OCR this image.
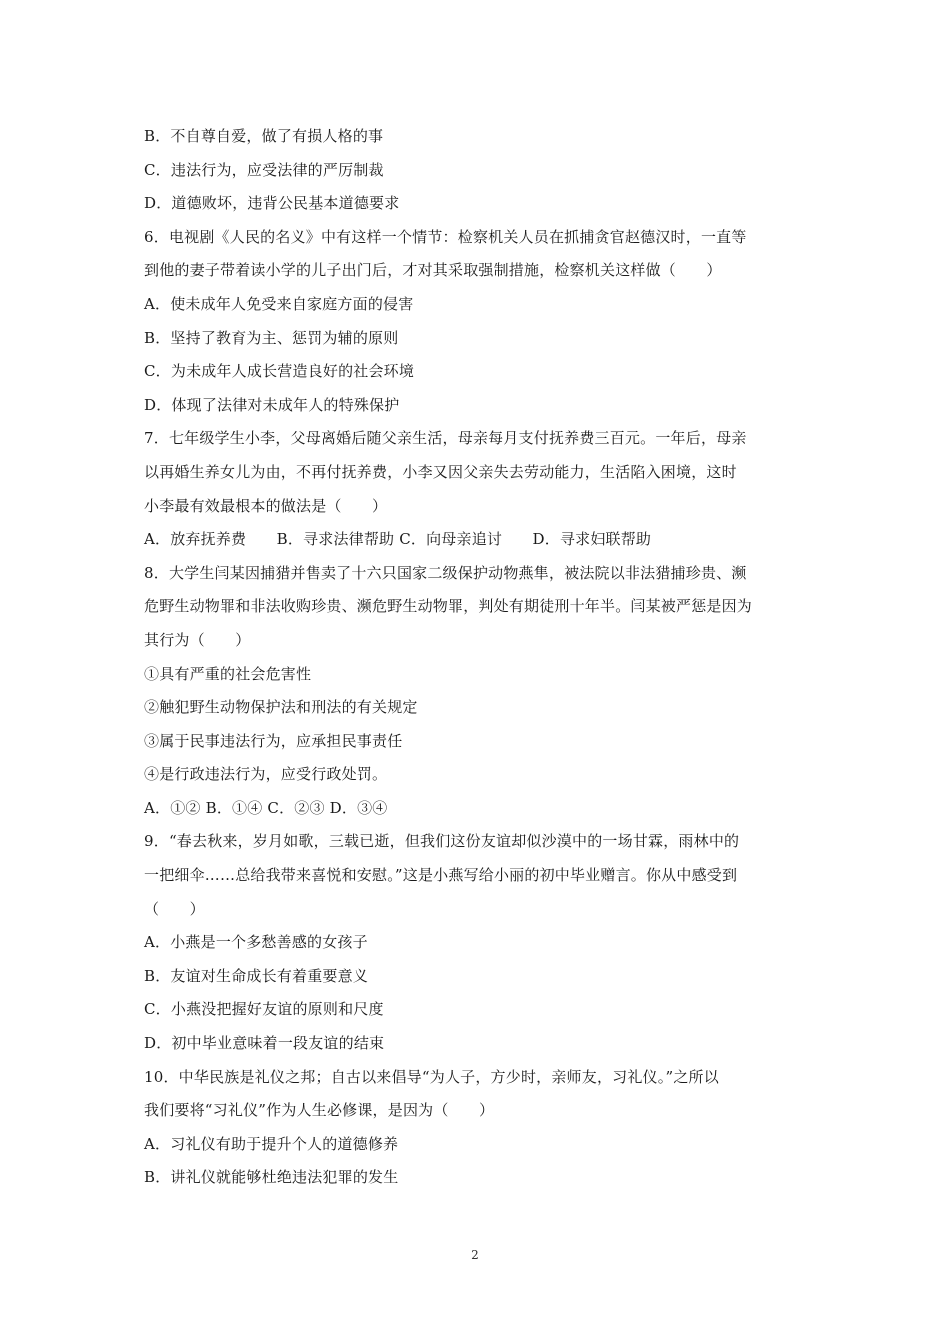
B．不自尊自爱，做了有损人格的事
C．违法行为，应受法律的严厉制裁
D．道德败坏，违背公民基本道德要求
6．电视剧《人民的名义》中有这样一个情节：检察机关人员在抓捕贪官赵德汉时，一直等
到他的妻子带着读小学的儿子出门后，才对其采取强制措施，检察机关这样做（　　）
A．使未成年人免受来自家庭方面的侵害
B．坚持了教育为主、惩罚为辅的原则
C．为未成年人成长营造良好的社会环境
D．体现了法律对未成年人的特殊保护
7．七年级学生小李，父母离婚后随父亲生活，母亲每月支付抚养费三百元。一年后，母亲
以再婚生养女儿为由，不再付抚养费，小李又因父亲失去劳动能力，生活陷入困境，这时
小李最有效最根本的做法是（　　）
A．放弃抚养费　　B．寻求法律帮助 C．向母亲追讨　　D．寻求妇联帮助
8．大学生闫某因捕猎并售卖了十六只国家二级保护动物燕隼，被法院以非法猎捕珍贵、濒
危野生动物罪和非法收购珍贵、濒危野生动物罪，判处有期徒刑十年半。闫某被严惩是因为
其行为（　　）
①具有严重的社会危害性
②触犯野生动物保护法和刑法的有关规定
③属于民事违法行为，应承担民事责任
④是行政违法行为，应受行政处罚。
A．①② B．①④ C．②③ D．③④
9．“春去秋来，岁月如歌，三载已逝，但我们这份友谊却似沙漠中的一场甘霖，雨林中的
一把细伞……总给我带来喜悦和安慰。”这是小燕写给小丽的初中毕业赠言。你从中感受到
（　　）
A．小燕是一个多愁善感的女孩子
B．友谊对生命成长有着重要意义
C．小燕没把握好友谊的原则和尺度
D．初中毕业意味着一段友谊的结束
10．中华民族是礼仪之邦；自古以来倡导“为人子，方少时，亲师友，习礼仪。”之所以
我们要将“习礼仪”作为人生必修课，是因为（　　）
A．习礼仪有助于提升个人的道德修养
B．讲礼仪就能够杜绝违法犯罪的发生
2
